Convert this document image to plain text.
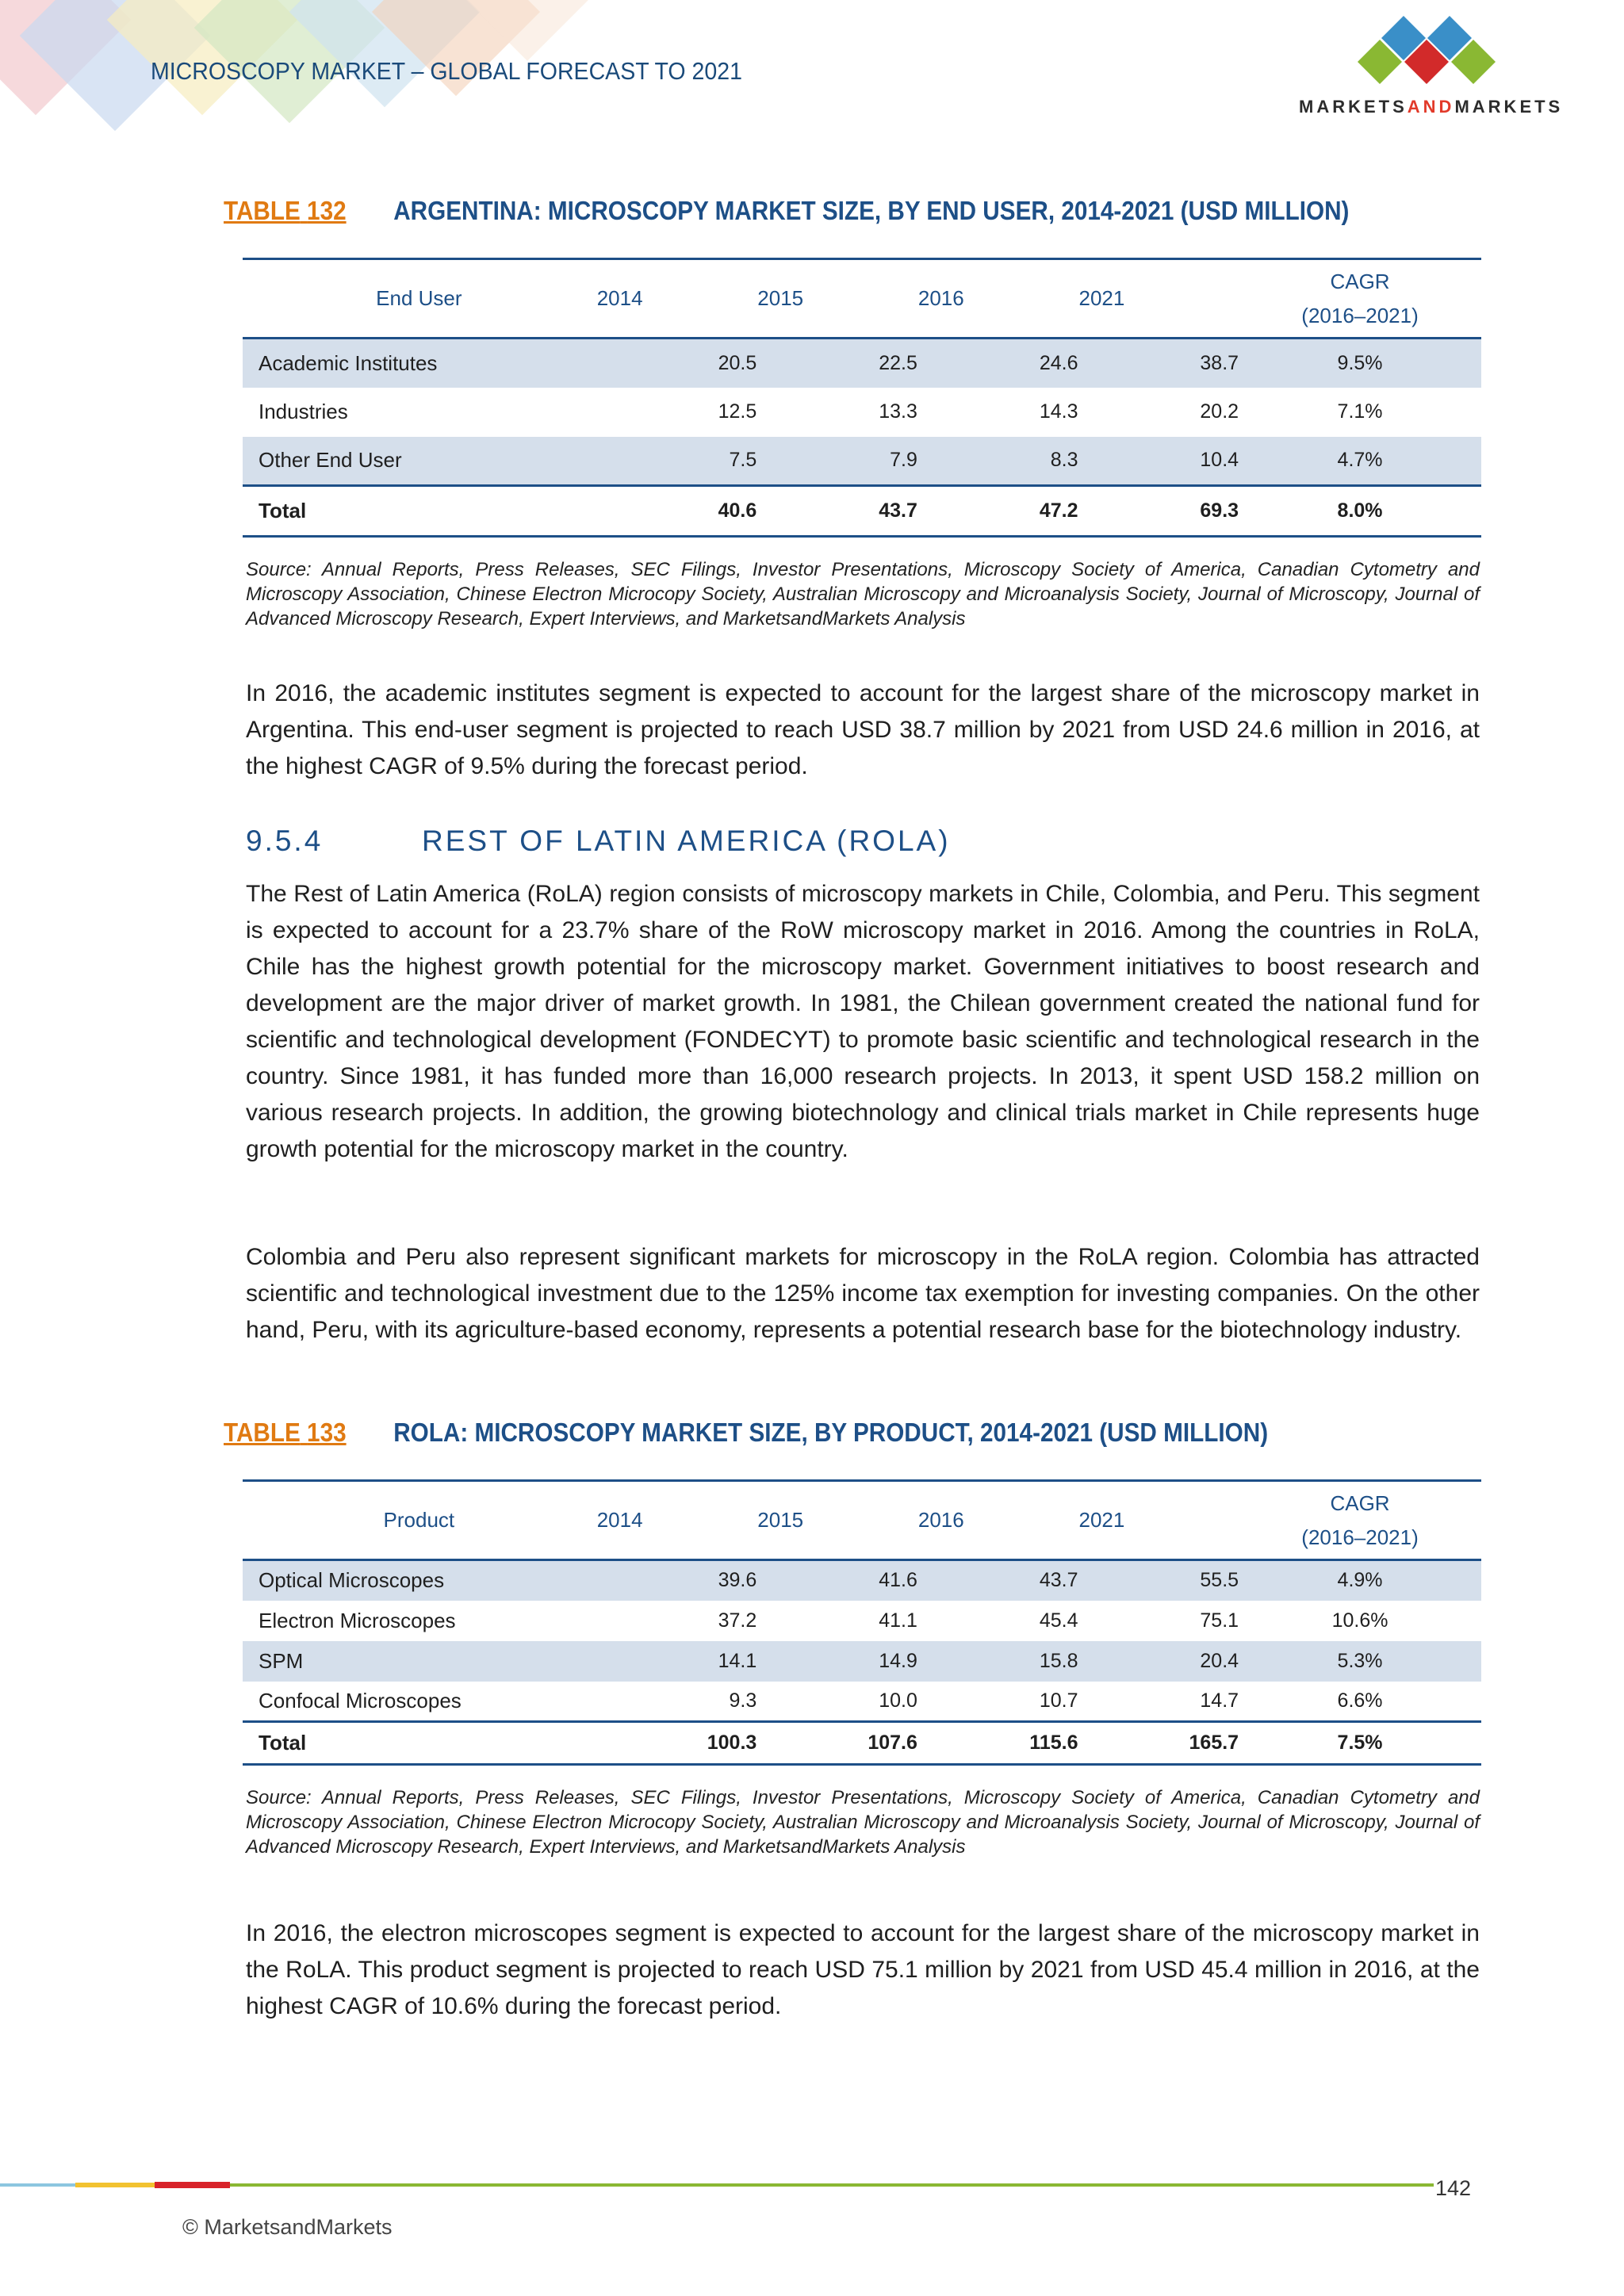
MICROSCOPY MARKET – GLOBAL FORECAST TO 2021
MARKETSANDMARKETS
TABLE 132 ARGENTINA: MICROSCOPY MARKET SIZE, BY END USER, 2014-2021 (USD MILLION)
End User	2014	2015	2016	2021	CAGR
(2016–2021)

Academic Institutes	20.5	22.5	24.6	38.7	9.5%
Industries	12.5	13.3	14.3	20.2	7.1%
Other End User	7.5	7.9	8.3	10.4	4.7%
Total	40.6	43.7	47.2	69.3	8.0%
Source: Annual Reports, Press Releases, SEC Filings, Investor Presentations, Microscopy Society of America, Canadian Cytometry and Microscopy Association, Chinese Electron Microcopy Society, Australian Microscopy and Microanalysis Society, Journal of Microscopy, Journal of Advanced Microscopy Research, Expert Interviews, and MarketsandMarkets Analysis
In 2016, the academic institutes segment is expected to account for the largest share of the microscopy market in Argentina. This end-user segment is projected to reach USD 38.7 million by 2021 from USD 24.6 million in 2016, at the highest CAGR of 9.5% during the forecast period.
9.5.4	REST OF LATIN AMERICA (ROLA)
The Rest of Latin America (RoLA) region consists of microscopy markets in Chile, Colombia, and Peru. This segment is expected to account for a 23.7% share of the RoW microscopy market in 2016. Among the countries in RoLA, Chile has the highest growth potential for the microscopy market. Government initiatives to boost research and development are the major driver of market growth. In 1981, the Chilean government created the national fund for scientific and technological development (FONDECYT) to promote basic scientific and technological research in the country. Since 1981, it has funded more than 16,000 research projects. In 2013, it spent USD 158.2 million on various research projects. In addition, the growing biotechnology and clinical trials market in Chile represents huge growth potential for the microscopy market in the country.
Colombia and Peru also represent significant markets for microscopy in the RoLA region. Colombia has attracted scientific and technological investment due to the 125% income tax exemption for investing companies. On the other hand, Peru, with its agriculture-based economy, represents a potential research base for the biotechnology industry.
TABLE 133 ROLA: MICROSCOPY MARKET SIZE, BY PRODUCT, 2014-2021 (USD MILLION)
Product	2014	2015	2016	2021	CAGR
(2016–2021)

Optical Microscopes	39.6	41.6	43.7	55.5	4.9%
Electron Microscopes	37.2	41.1	45.4	75.1	10.6%
SPM	14.1	14.9	15.8	20.4	5.3%
Confocal Microscopes	9.3	10.0	10.7	14.7	6.6%
Total	100.3	107.6	115.6	165.7	7.5%
Source: Annual Reports, Press Releases, SEC Filings, Investor Presentations, Microscopy Society of America, Canadian Cytometry and Microscopy Association, Chinese Electron Microcopy Society, Australian Microscopy and Microanalysis Society, Journal of Microscopy, Journal of Advanced Microscopy Research, Expert Interviews, and MarketsandMarkets Analysis
In 2016, the electron microscopes segment is expected to account for the largest share of the microscopy market in the RoLA. This product segment is projected to reach USD 75.1 million by 2021 from USD 45.4 million in 2016, at the highest CAGR of 10.6% during the forecast period.
142
© MarketsandMarkets
